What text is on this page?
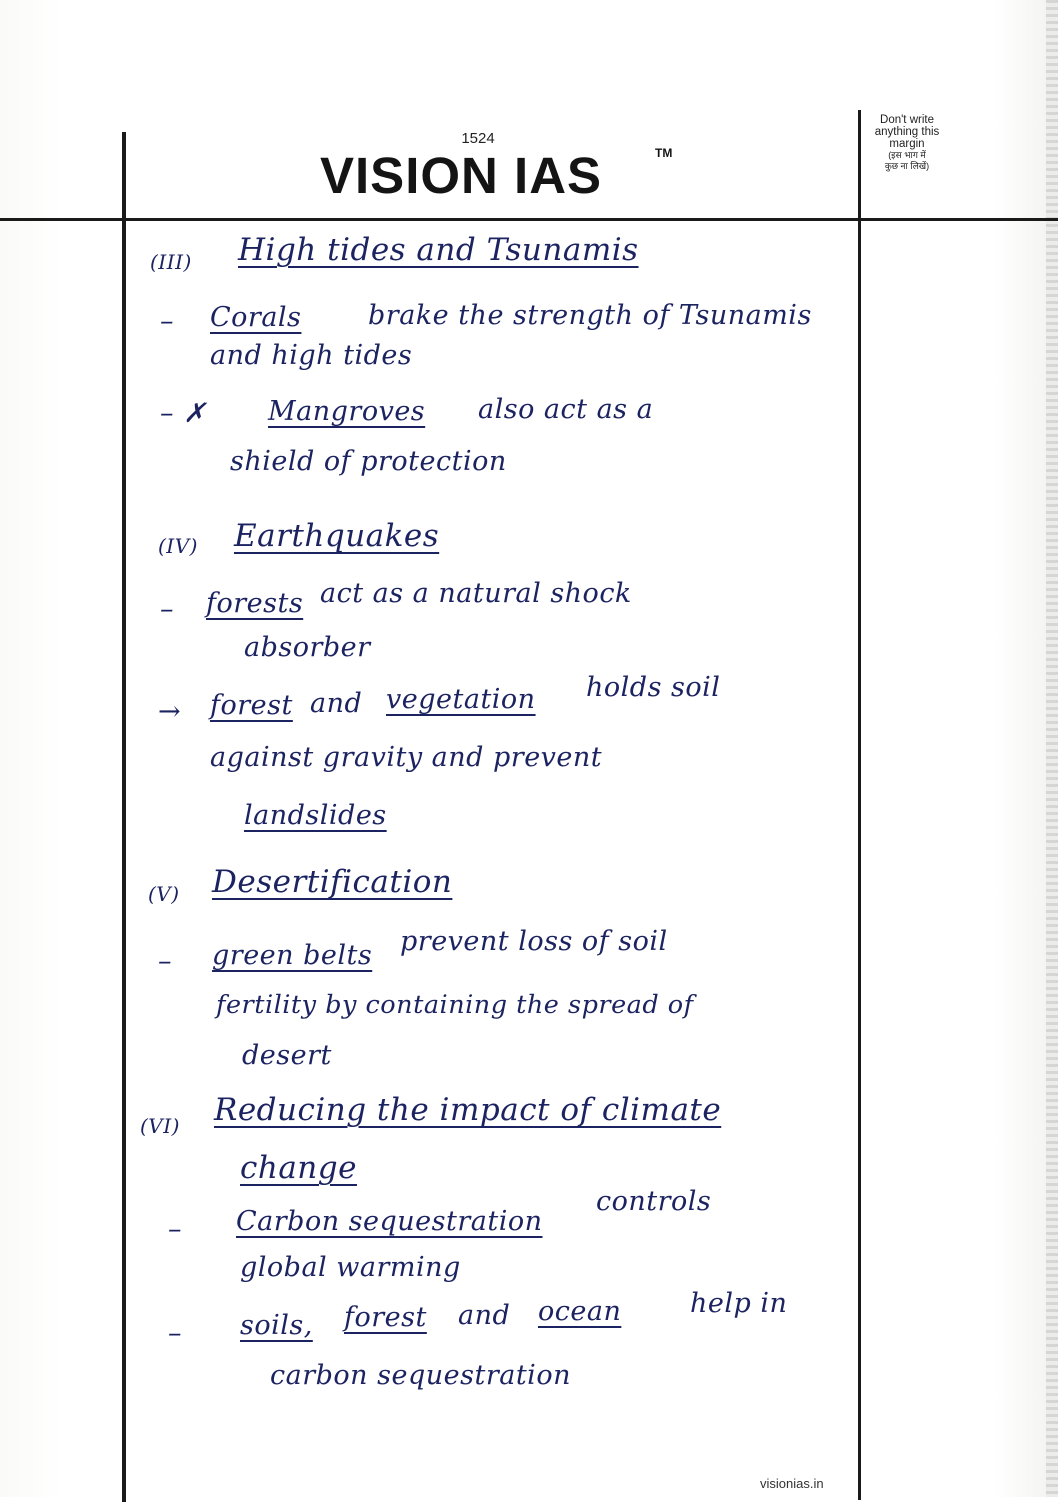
1524
VISION IAS	TM
Don't write
anything this
margin
(इस भाग में
कुछ ना लिखें)
(III) High tides and Tsunamis
– Corals brake the strength of Tsunamis
and high tides
– ✗ Mangroves also act as a
shield of protection
(IV) Earthquakes
– forests act as a natural shock
absorber
→ forest and vegetation holds soil
against gravity and prevent
landslides
(V) Desertification
– green belts prevent loss of soil
fertility by containing the spread of
desert
(VI) Reducing the impact of climate
change
– Carbon sequestration
controls
global warming
– soils, forest and ocean	help in
carbon sequestration
visionias.in
